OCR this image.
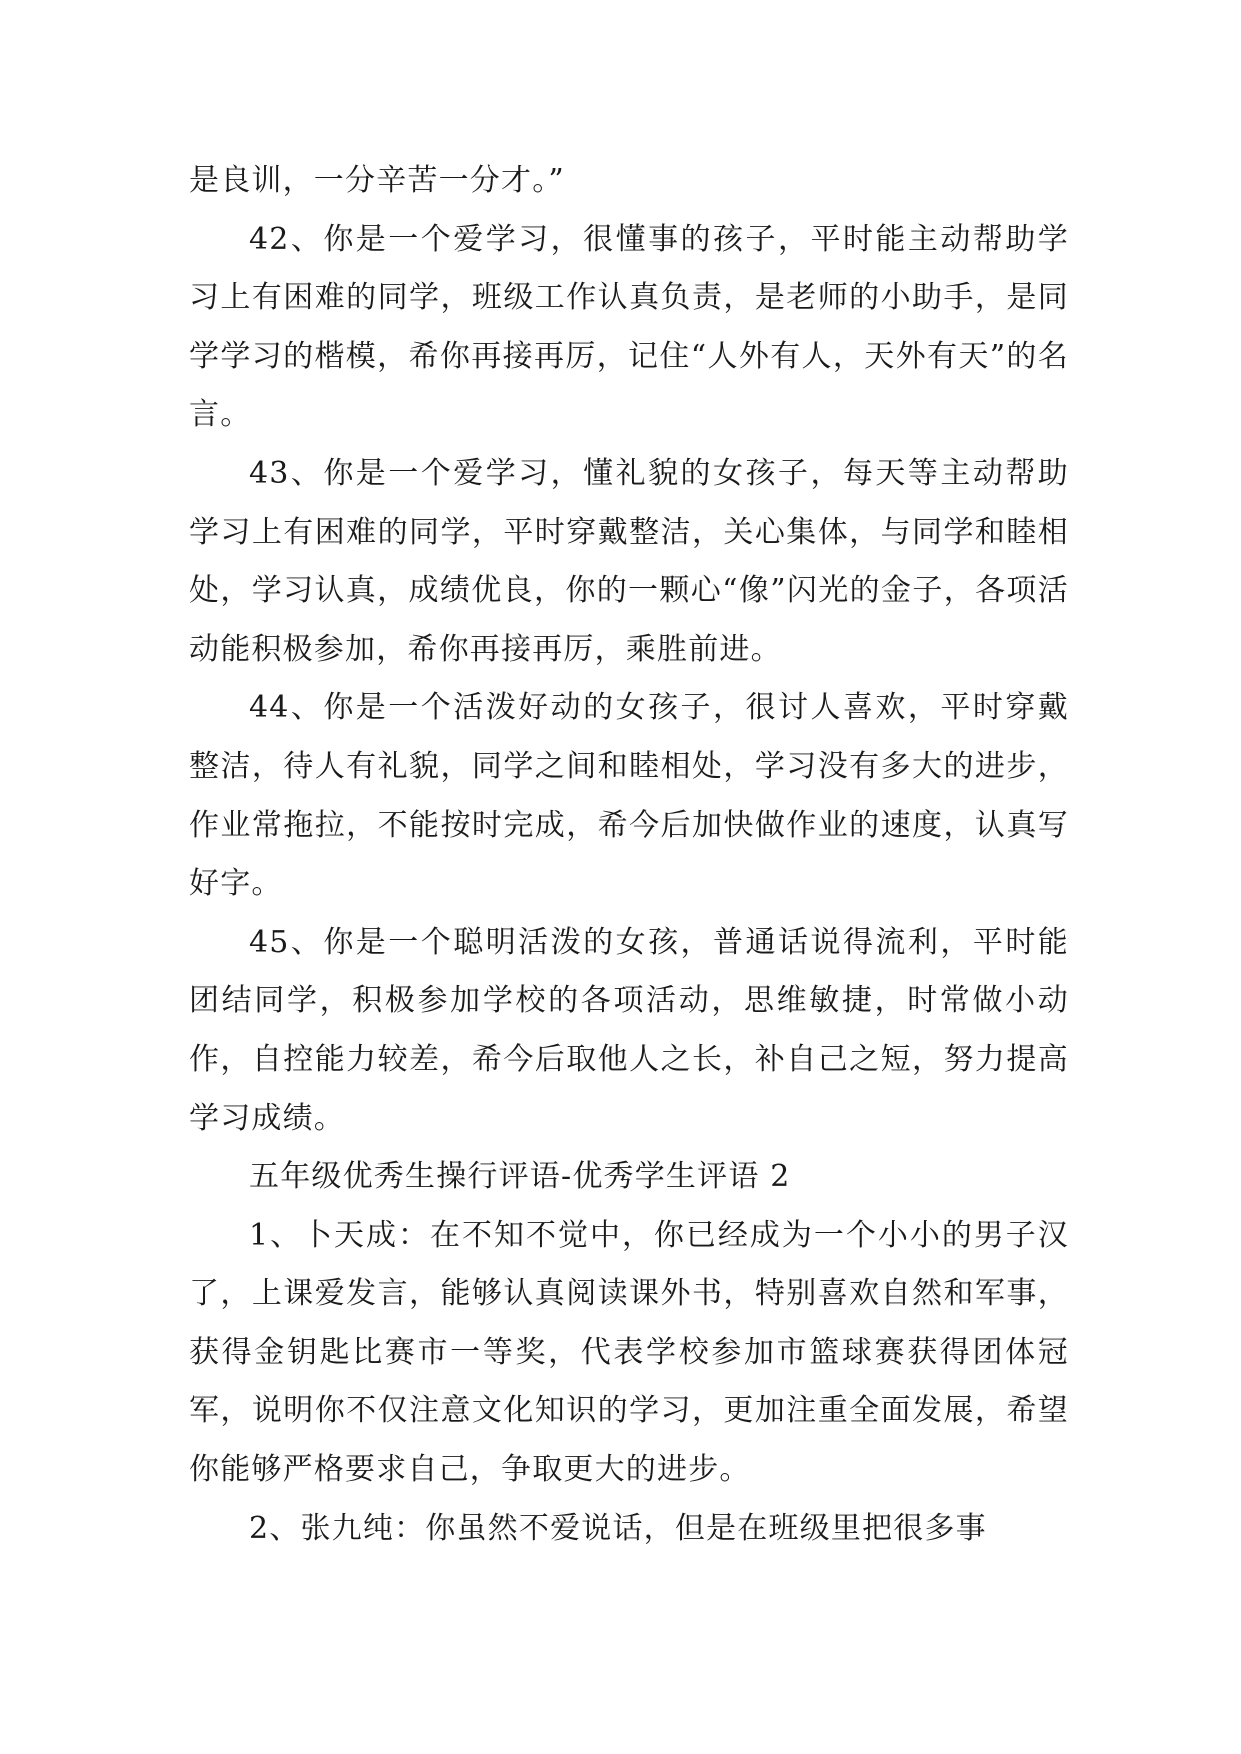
是良训，一分辛苦一分才。”

42、你是一个爱学习，很懂事的孩子，平时能主动帮助学习上有困难的同学，班级工作认真负责，是老师的小助手，是同学学习的楷模，希你再接再厉，记住“人外有人，天外有天”的名言。

43、你是一个爱学习，懂礼貌的女孩子，每天等主动帮助学习上有困难的同学，平时穿戴整洁，关心集体，与同学和睦相处，学习认真，成绩优良，你的一颗心“像”闪光的金子，各项活动能积极参加，希你再接再厉，乘胜前进。

44、你是一个活泼好动的女孩子，很讨人喜欢，平时穿戴整洁，待人有礼貌，同学之间和睦相处，学习没有多大的进步，作业常拖拉，不能按时完成，希今后加快做作业的速度，认真写好字。

45、你是一个聪明活泼的女孩，普通话说得流利，平时能团结同学，积极参加学校的各项活动，思维敏捷，时常做小动作，自控能力较差，希今后取他人之长，补自己之短，努力提高学习成绩。

五年级优秀生操行评语-优秀学生评语 2

1、卜天成：在不知不觉中，你已经成为一个小小的男子汉了，上课爱发言，能够认真阅读课外书，特别喜欢自然和军事，获得金钥匙比赛市一等奖，代表学校参加市篮球赛获得团体冠军，说明你不仅注意文化知识的学习，更加注重全面发展，希望你能够严格要求自己，争取更大的进步。

2、张九纯：你虽然不爱说话，但是在班级里把很多事
